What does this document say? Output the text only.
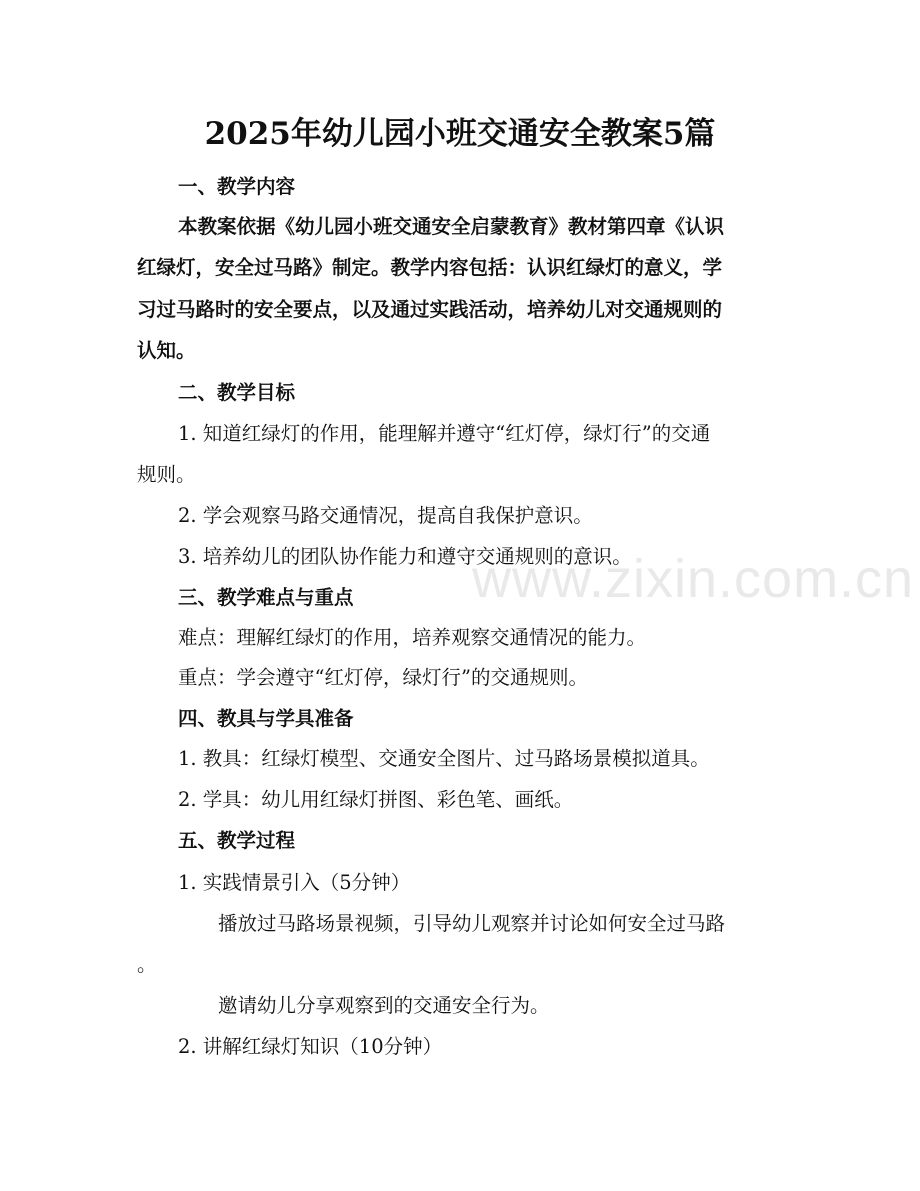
www.zixin.com.cn
2025年幼儿园小班交通安全教案5篇
一、教学内容
本教案依据《幼儿园小班交通安全启蒙教育》教材第四章《认识
红绿灯，安全过马路》制定。教学内容包括：认识红绿灯的意义，学
习过马路时的安全要点，以及通过实践活动，培养幼儿对交通规则的
认知。
二、教学目标
1. 知道红绿灯的作用，能理解并遵守“红灯停，绿灯行”的交通
规则。
2. 学会观察马路交通情况，提高自我保护意识。
3. 培养幼儿的团队协作能力和遵守交通规则的意识。
三、教学难点与重点
难点：理解红绿灯的作用，培养观察交通情况的能力。
重点：学会遵守“红灯停，绿灯行”的交通规则。
四、教具与学具准备
1. 教具：红绿灯模型、交通安全图片、过马路场景模拟道具。
2. 学具：幼儿用红绿灯拼图、彩色笔、画纸。
五、教学过程
1. 实践情景引入（5分钟）
播放过马路场景视频，引导幼儿观察并讨论如何安全过马路
。
邀请幼儿分享观察到的交通安全行为。
2. 讲解红绿灯知识（10分钟）
